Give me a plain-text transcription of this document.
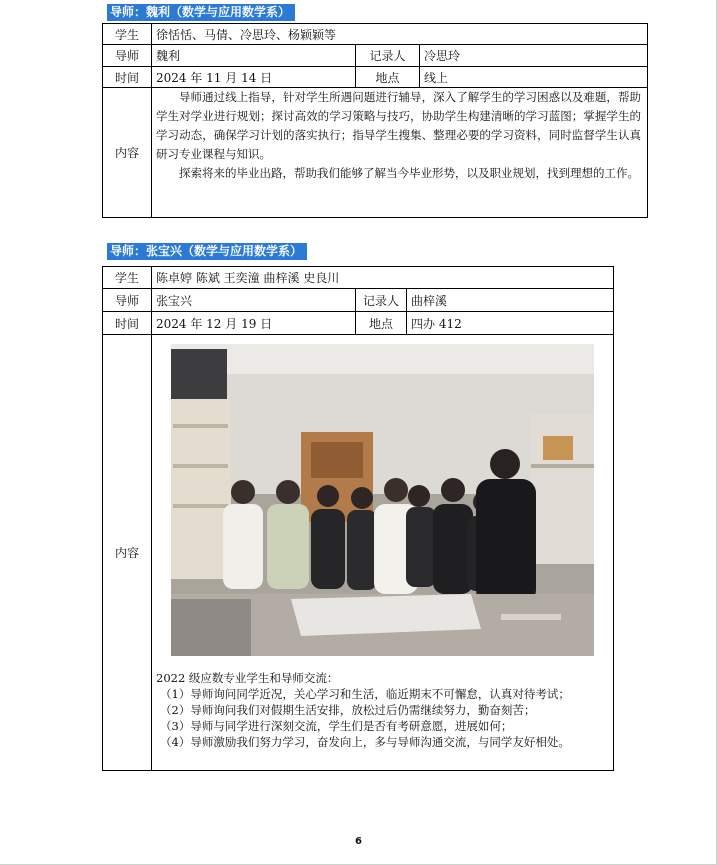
导师：魏利（数学与应用数学系）
学生	徐恬恬、马倩、冷思玲、杨颖颖等		
导师	魏利	记录人	冷思玲
时间	2024 年 11 月 14 日	地点	线上
内容	导师通过线上指导，针对学生所遇问题进行辅导，深入了解学生的学习困惑以及难题，帮助学生对学业进行规划；探讨高效的学习策略与技巧，协助学生构建清晰的学习蓝图；掌握学生的学习动态，确保学习计划的落实执行；指导学生搜集、整理必要的学习资料，同时监督学生认真研习专业课程与知识。

探索将来的毕业出路，帮助我们能够了解当今毕业形势，以及职业规划，找到理想的工作。		

导师：张宝兴（数学与应用数学系）
学生	陈卓婷 陈斌 王奕潼 曲梓溪 史良川		
导师	张宝兴	记录人	曲梓溪
时间	2024 年 12 月 19 日	地点	四办 412
内容	2022 级应数专业学生和导师交流：
（1）导师询问同学近况，关心学习和生活，临近期末不可懈怠，认真对待考试；
（2）导师询问我们对假期生活安排，放松过后仍需继续努力，勤奋刻苦；
（3）导师与同学进行深刻交流，学生们是否有考研意愿，进展如何；
（4）导师激励我们努力学习，奋发向上，多与导师沟通交流，与同学友好相处。		
6
